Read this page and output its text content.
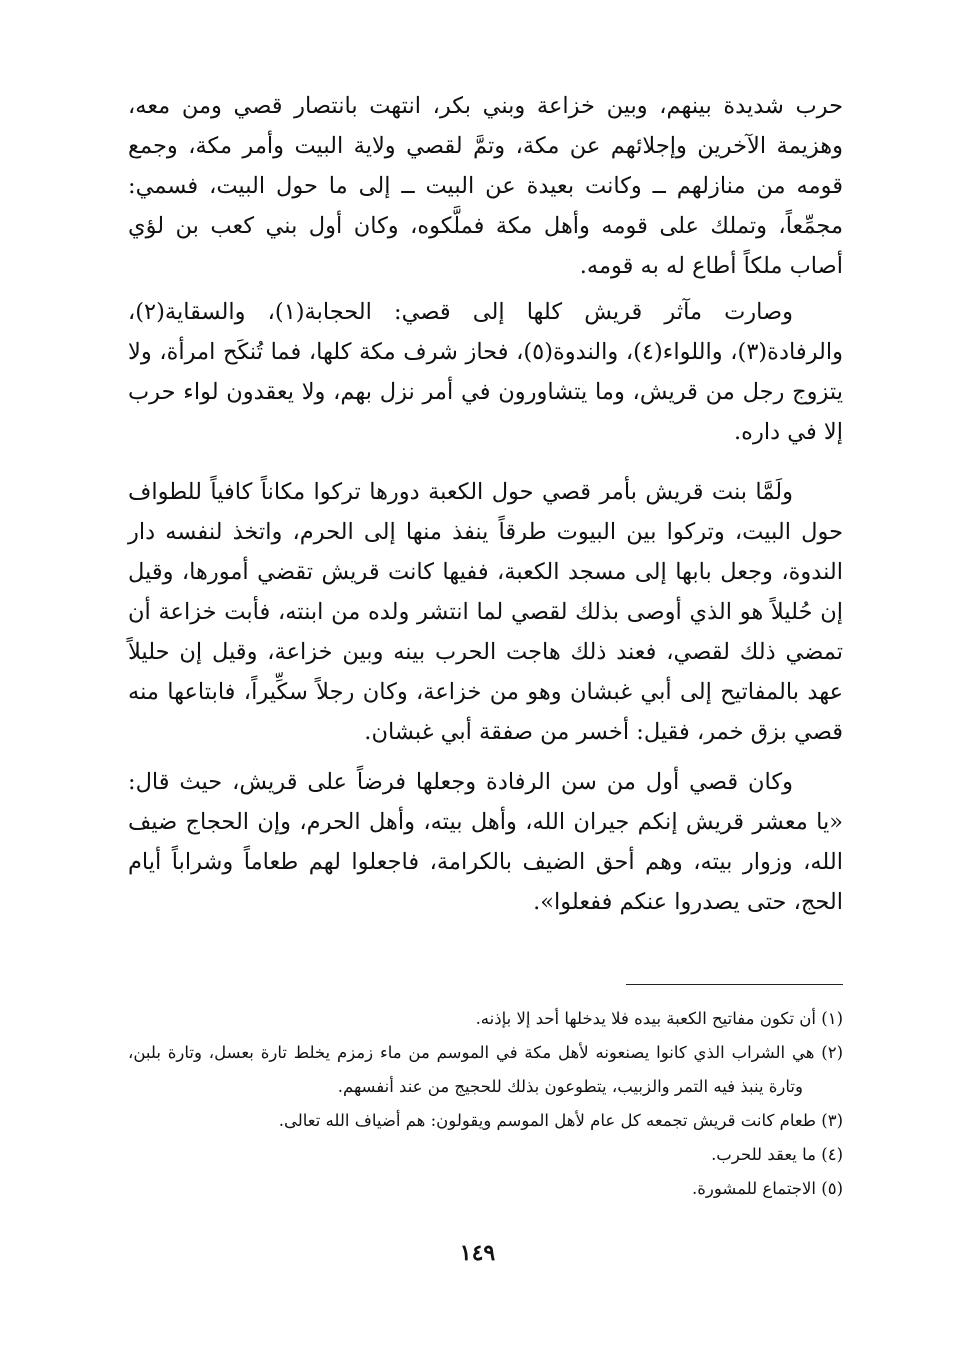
حرب شديدة بينهم، وبين خزاعة وبني بكر، انتهت بانتصار قصي ومن معه، وهزيمة الآخرين وإجلائهم عن مكة، وتمَّ لقصي ولاية البيت وأمر مكة، وجمع قومه من منازلهم ــ وكانت بعيدة عن البيت ــ إلى ما حول البيت، فسمي: مجمِّعاً، وتملك على قومه وأهل مكة فملَّكوه، وكان أول بني كعب بن لؤي أصاب ملكاً أطاع له به قومه.

وصارت مآثر قريش كلها إلى قصي: الحجابة(١)، والسقاية(٢)، والرفادة(٣)، واللواء(٤)، والندوة(٥)، فحاز شرف مكة كلها، فما تُنكَح امرأة، ولا يتزوج رجل من قريش، وما يتشاورون في أمر نزل بهم، ولا يعقدون لواء حرب إلا في داره.

ولَمَّا بنت قريش بأمر قصي حول الكعبة دورها تركوا مكاناً كافياً للطواف حول البيت، وتركوا بين البيوت طرقاً ينفذ منها إلى الحرم، واتخذ لنفسه دار الندوة، وجعل بابها إلى مسجد الكعبة، ففيها كانت قريش تقضي أمورها، وقيل إن حُليلاً هو الذي أوصى بذلك لقصي لما انتشر ولده من ابنته، فأبت خزاعة أن تمضي ذلك لقصي، فعند ذلك هاجت الحرب بينه وبين خزاعة، وقيل إن حليلاً عهد بالمفاتيح إلى أبي غبشان وهو من خزاعة، وكان رجلاً سكِّيراً، فابتاعها منه قصي بزق خمر، فقيل: أخسر من صفقة أبي غبشان.

وكان قصي أول من سن الرفادة وجعلها فرضاً على قريش، حيث قال: «يا معشر قريش إنكم جيران الله، وأهل بيته، وأهل الحرم، وإن الحجاج ضيف الله، وزوار بيته، وهم أحق الضيف بالكرامة، فاجعلوا لهم طعاماً وشراباً أيام الحج، حتى يصدروا عنكم ففعلوا».

(١) أن تكون مفاتيح الكعبة بيده فلا يدخلها أحد إلا بإذنه.

(٢) هي الشراب الذي كانوا يصنعونه لأهل مكة في الموسم من ماء زمزم يخلط تارة بعسل، وتارة بلبن، وتارة ينبذ فيه التمر والزبيب، يتطوعون بذلك للحجيج من عند أنفسهم.

(٣) طعام كانت قريش تجمعه كل عام لأهل الموسم ويقولون: هم أضياف الله تعالى.

(٤) ما يعقد للحرب.

(٥) الاجتماع للمشورة.

١٤٩
